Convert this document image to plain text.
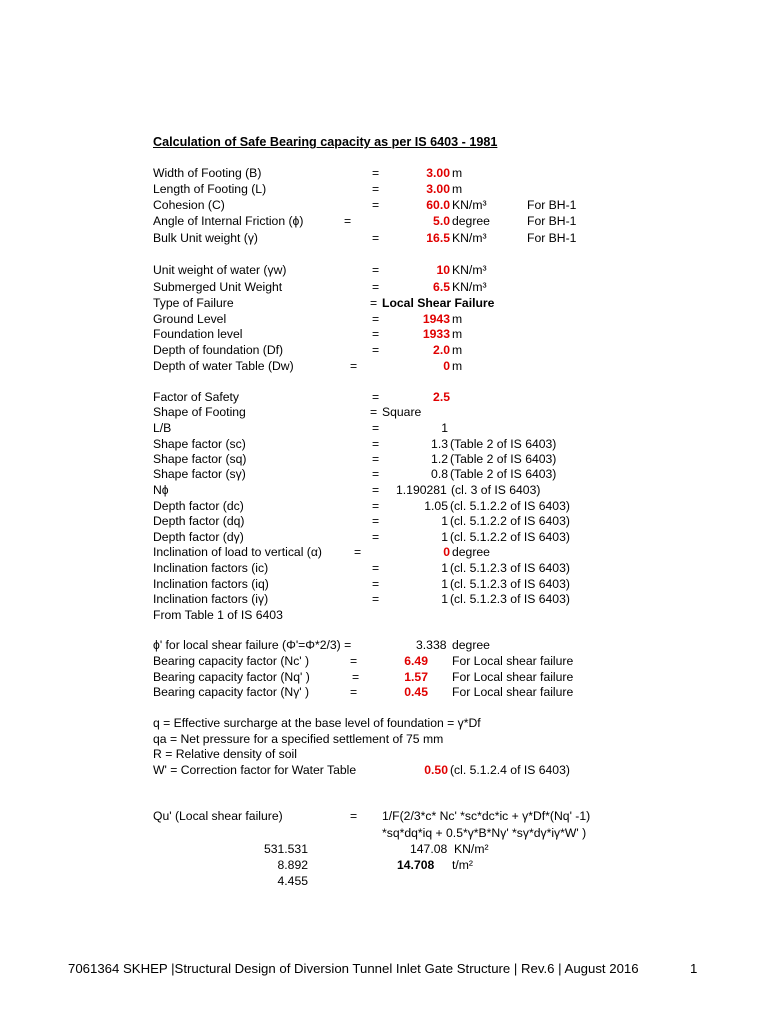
Calculation of Safe Bearing capacity as per IS 6403 - 1981
Width of Footing (B)	=	3.00 m
Length of Footing (L)	=	3.00 m
Cohesion (C)	=	60.0 KN/m³	For BH-1
Angle of Internal Friction (ϕ)	=	5.0 degree	For BH-1
Bulk Unit weight (γ)	=	16.5 KN/m³	For BH-1
Unit weight of water (γw)	=	10 KN/m³
Submerged Unit Weight	=	6.5 KN/m³
Type of Failure	= Local Shear Failure
Ground Level	=	1943 m
Foundation level	=	1933 m
Depth of foundation (Df)	=	2.0 m
Depth of water Table (Dw)	=	0 m
Factor of Safety	=	2.5
Shape of Footing	= Square
L/B	=	1
Shape factor (sc)	=	1.3 (Table 2 of IS 6403)
Shape factor (sq)	=	1.2 (Table 2 of IS 6403)
Shape factor (sγ)	=	0.8 (Table 2 of IS 6403)
Nϕ	= 1.190281 (cl. 3 of IS 6403)
Depth factor (dc)	=	1.05 (cl. 5.1.2.2 of IS 6403)
Depth factor (dq)	=	1 (cl. 5.1.2.2 of IS 6403)
Depth factor (dγ)	=	1 (cl. 5.1.2.2 of IS 6403)
Inclination of load to vertical (α)	=	0 degree
Inclination factors (ic)	=	1 (cl. 5.1.2.3 of IS 6403)
Inclination factors (iq)	=	1 (cl. 5.1.2.3 of IS 6403)
Inclination factors (iγ)	=	1 (cl. 5.1.2.3 of IS 6403)
From Table 1 of IS 6403
ϕ' for local shear failure (Φ'=Φ*2/3) =	3.338 degree
Bearing capacity factor (Nc' )	=	6.49 For Local shear failure
Bearing capacity factor (Nq' )	=	1.57 For Local shear failure
Bearing capacity factor (Nγ' )	=	0.45 For Local shear failure
q = Effective surcharge at the base level of foundation = γ*Df
qa = Net pressure for a specified settlement of 75 mm
R = Relative density of soil
W' = Correction factor for Water Table	0.50 (cl. 5.1.2.4 of IS 6403)
Qu' (Local shear failure)	= 1/F(2/3*c* Nc' *sc*dc*ic + γ*Df*(Nq' -1)
*sq*dq*iq + 0.5*γ*B*Nγ' *sγ*dγ*iγ*W' )
531.531	147.08 KN/m²
8.892	14.708 t/m²
4.455
7061364 SKHEP |Structural Design of Diversion Tunnel Inlet Gate Structure | Rev.6 | August 2016	1
